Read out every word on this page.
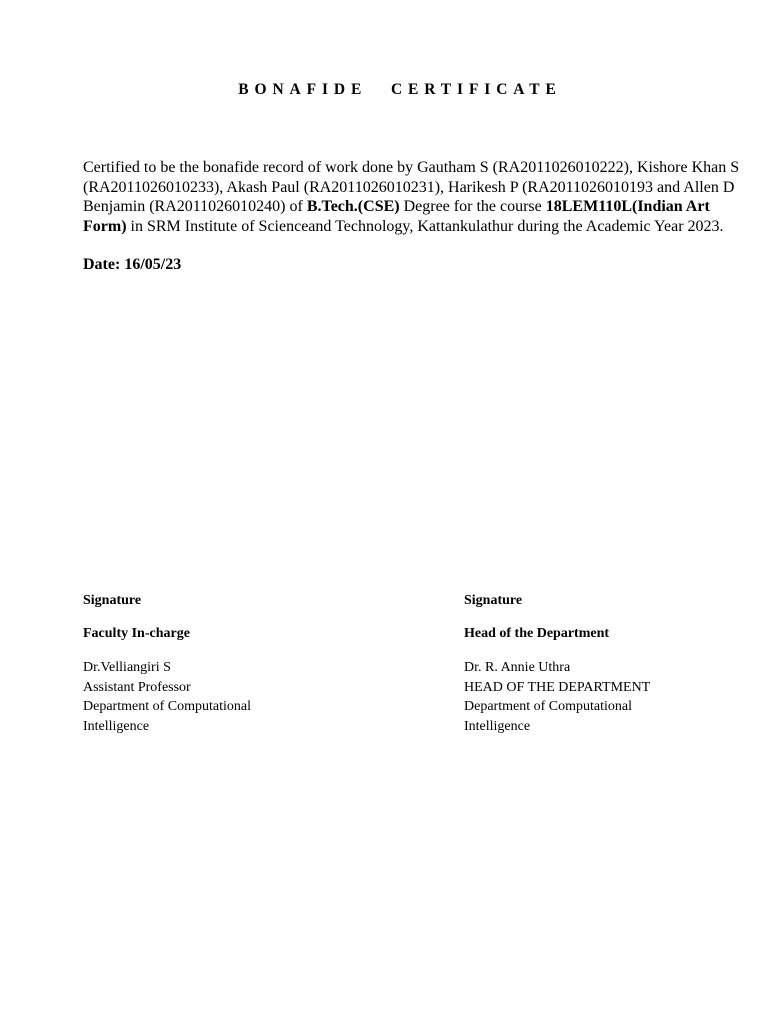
BONAFIDE CERTIFICATE
Certified to be the bonafide record of work done by Gautham S (RA2011026010222), Kishore Khan S (RA2011026010233), Akash Paul (RA2011026010231), Harikesh P (RA2011026010193 and Allen D Benjamin (RA2011026010240) of B.Tech.(CSE) Degree for the course 18LEM110L(Indian Art Form) in SRM Institute of Scienceand Technology, Kattankulathur during the Academic Year 2023.
Date: 16/05/23
Signature
Faculty In-charge
Dr.Velliangiri S
Assistant Professor
Department of Computational
Intelligence
Signature
Head of the Department
Dr. R. Annie Uthra
HEAD OF THE DEPARTMENT
Department of Computational
Intelligence
